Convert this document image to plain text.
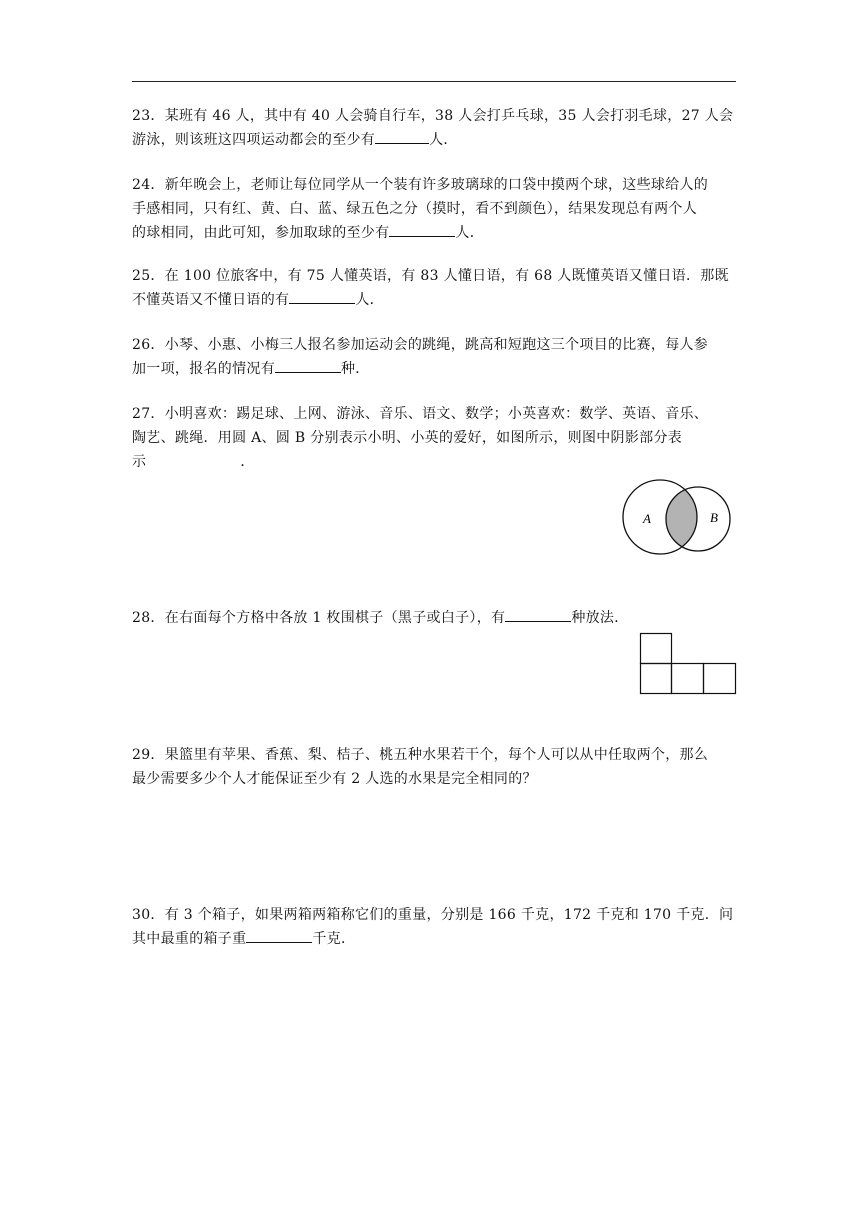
23．某班有 46 人，其中有 40 人会骑自行车，38 人会打乒乓球，35 人会打羽毛球，27 人会

游泳，则该班这四项运动都会的至少有	人．

24．新年晚会上，老师让每位同学从一个装有许多玻璃球的口袋中摸两个球，这些球给人的

手感相同，只有红、黄、白、蓝、绿五色之分（摸时，看不到颜色），结果发现总有两个人

的球相同，由此可知，参加取球的至少有	人．

25．在 100 位旅客中，有 75 人懂英语，有 83 人懂日语，有 68 人既懂英语又懂日语．那既

不懂英语又不懂日语的有	人．

26．小琴、小惠、小梅三人报名参加运动会的跳绳，跳高和短跑这三个项目的比赛，每人参

加一项，报名的情况有	种．

27．小明喜欢：踢足球、上网、游泳、音乐、语文、数学；小英喜欢：数学、英语、音乐、

陶艺、跳绳．用圆 A、圆 B 分别表示小明、小英的爱好，如图所示，则图中阴影部分表

示	．

A	B

28．在右面每个方格中各放 1 枚围棋子（黑子或白子），有	种放法．

29．果篮里有苹果、香蕉、梨、桔子、桃五种水果若干个，每个人可以从中任取两个，那么

最少需要多少个人才能保证至少有 2 人选的水果是完全相同的？

30．有 3 个箱子，如果两箱两箱称它们的重量，分别是 166 千克，172 千克和 170 千克．问

其中最重的箱子重	千克．
